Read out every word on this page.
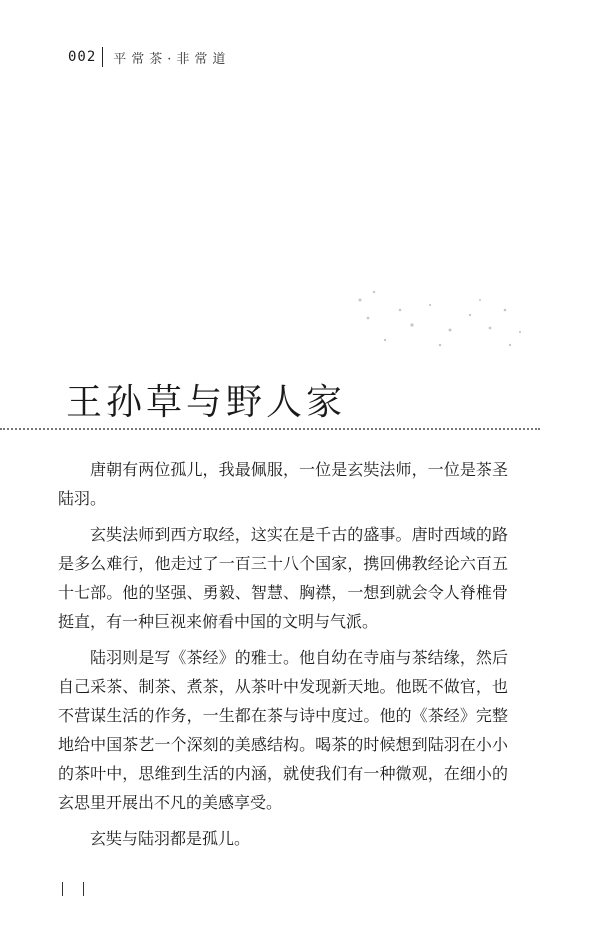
002 平常茶·非常道
王孙草与野人家

唐朝有两位孤儿，我最佩服，一位是玄奘法师，一位是茶圣陆羽。

玄奘法师到西方取经，这实在是千古的盛事。唐时西域的路是多么难行，他走过了一百三十八个国家，携回佛教经论六百五十七部。他的坚强、勇毅、智慧、胸襟，一想到就会令人脊椎骨挺直，有一种巨视来俯看中国的文明与气派。

陆羽则是写《茶经》的雅士。他自幼在寺庙与茶结缘，然后自己采茶、制茶、煮茶，从茶叶中发现新天地。他既不做官，也不营谋生活的作务，一生都在茶与诗中度过。他的《茶经》完整地给中国茶艺一个深刻的美感结构。喝茶的时候想到陆羽在小小的茶叶中，思维到生活的内涵，就使我们有一种微观，在细小的玄思里开展出不凡的美感享受。

玄奘与陆羽都是孤儿。
